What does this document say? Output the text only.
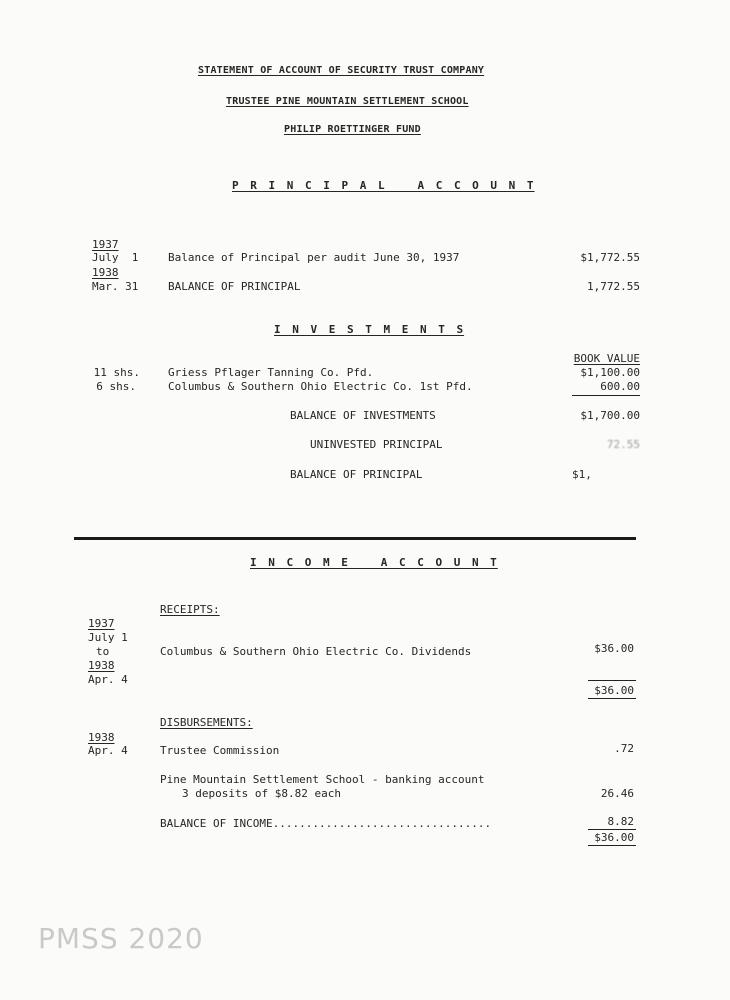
STATEMENT OF ACCOUNT OF SECURITY TRUST COMPANY
TRUSTEE PINE MOUNTAIN SETTLEMENT SCHOOL
PHILIP ROETTINGER FUND
P R I N C I P A L   A C C O U N T
1937
July  1	Balance of Principal per audit June 30, 1937	$1,772.55
1938
Mar. 31	BALANCE OF PRINCIPAL	1,772.55
I N V E S T M E N T S
BOOK VALUE
11 shs.	Griess Pflager Tanning Co. Pfd.	$1,100.00
6 shs.	Columbus & Southern Ohio Electric Co. 1st Pfd.	600.00
BALANCE OF INVESTMENTS	$1,700.00
UNINVESTED PRINCIPAL	72.55
BALANCE OF PRINCIPAL	$1,
I N C O M E   A C C O U N T
RECEIPTS:
1937
July 1
to	Columbus & Southern Ohio Electric Co. Dividends	$36.00
1938
Apr. 4
$36.00
DISBURSEMENTS:
1938
Apr. 4	Trustee Commission	.72
Pine Mountain Settlement School - banking account
3 deposits of $8.82 each	26.46
BALANCE OF INCOME.................................	8.82
$36.00
PMSS 2020
